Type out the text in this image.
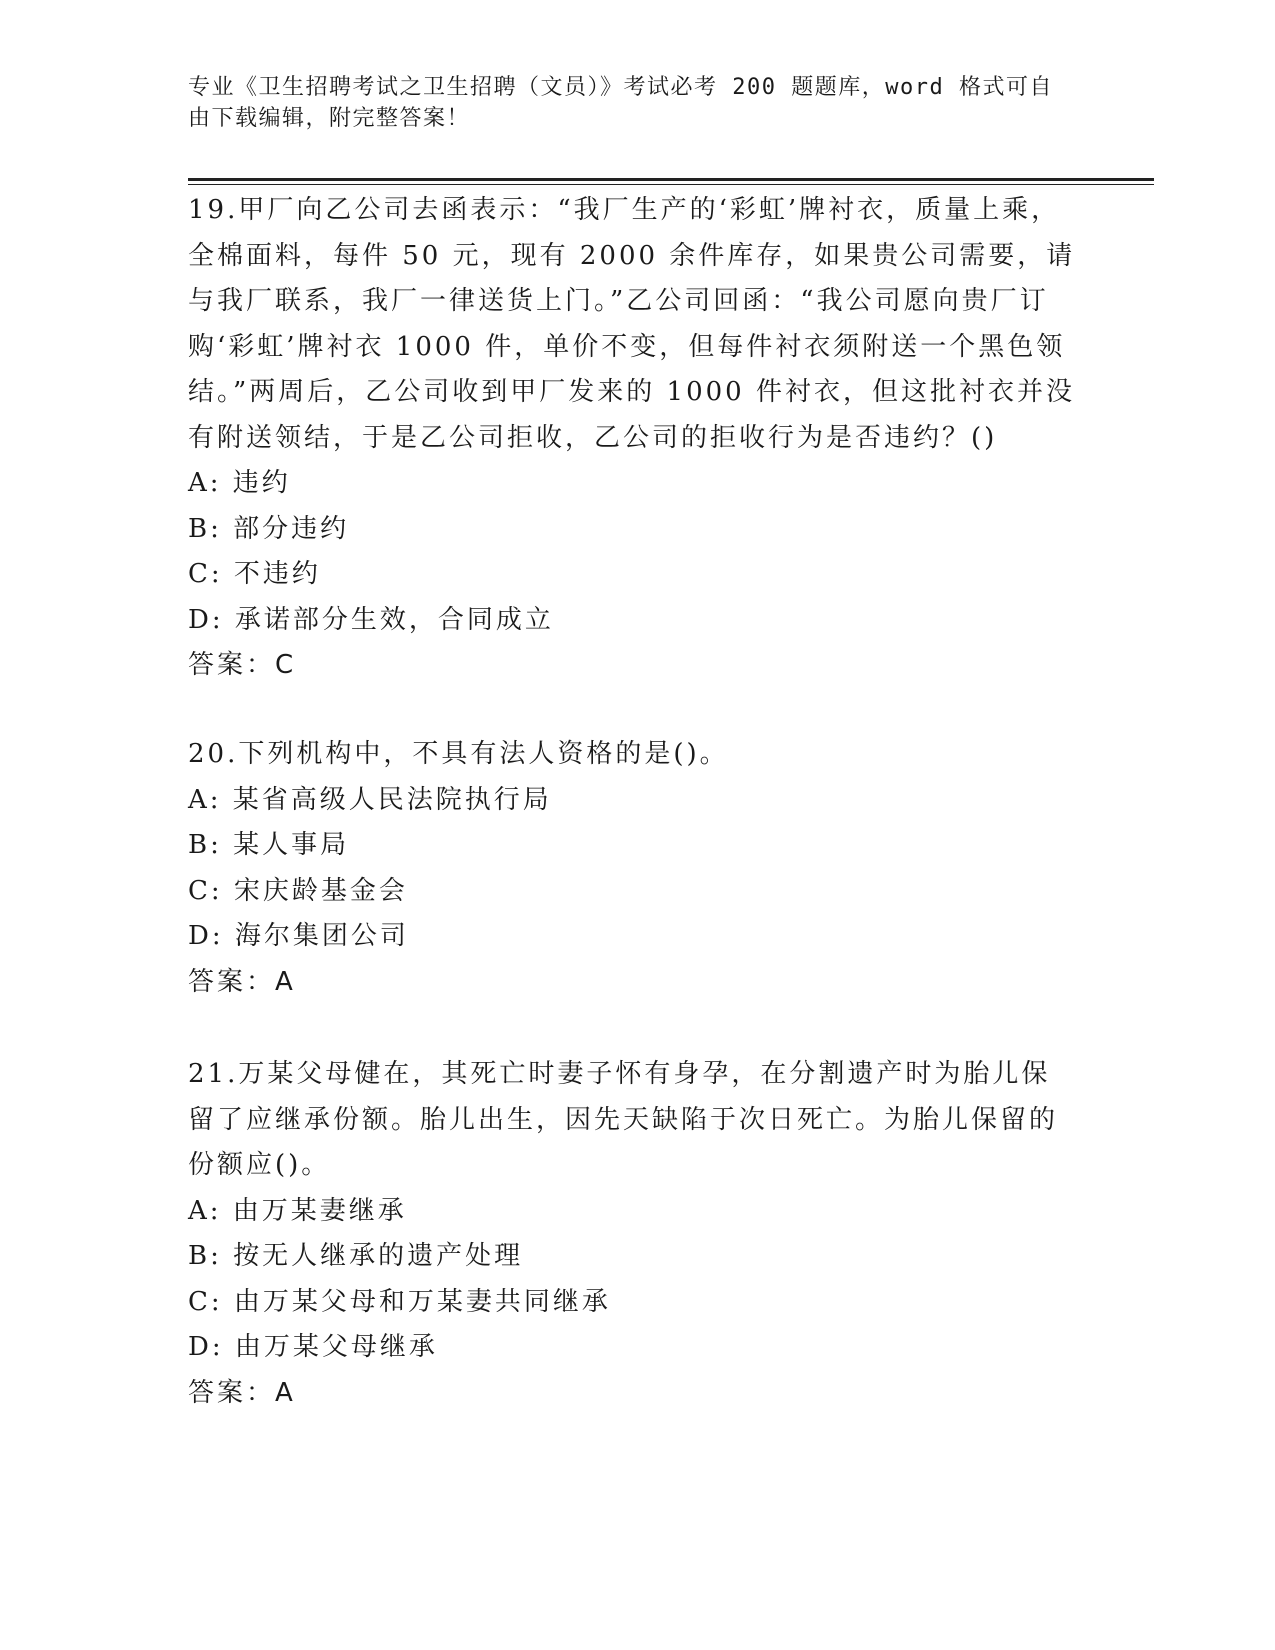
专业《卫生招聘考试之卫生招聘（文员）》考试必考 200 题题库，word 格式可自由下载编辑，附完整答案！

19.甲厂向乙公司去函表示：“我厂生产的‘彩虹’牌衬衣，质量上乘，全棉面料，每件 50 元，现有 2000 余件库存，如果贵公司需要，请与我厂联系，我厂一律送货上门。”乙公司回函：“我公司愿向贵厂订购‘彩虹’牌衬衣 1000 件，单价不变，但每件衬衣须附送一个黑色领结。”两周后，乙公司收到甲厂发来的 1000 件衬衣，但这批衬衣并没有附送领结，于是乙公司拒收，乙公司的拒收行为是否违约？()

A: 违约

B: 部分违约

C: 不违约

D: 承诺部分生效，合同成立

答案：C

20.下列机构中，不具有法人资格的是()。

A: 某省高级人民法院执行局

B: 某人事局

C: 宋庆龄基金会

D: 海尔集团公司

答案：A

21.万某父母健在，其死亡时妻子怀有身孕，在分割遗产时为胎儿保留了应继承份额。胎儿出生，因先天缺陷于次日死亡。为胎儿保留的份额应()。

A: 由万某妻继承

B: 按无人继承的遗产处理

C: 由万某父母和万某妻共同继承

D: 由万某父母继承

答案：A
